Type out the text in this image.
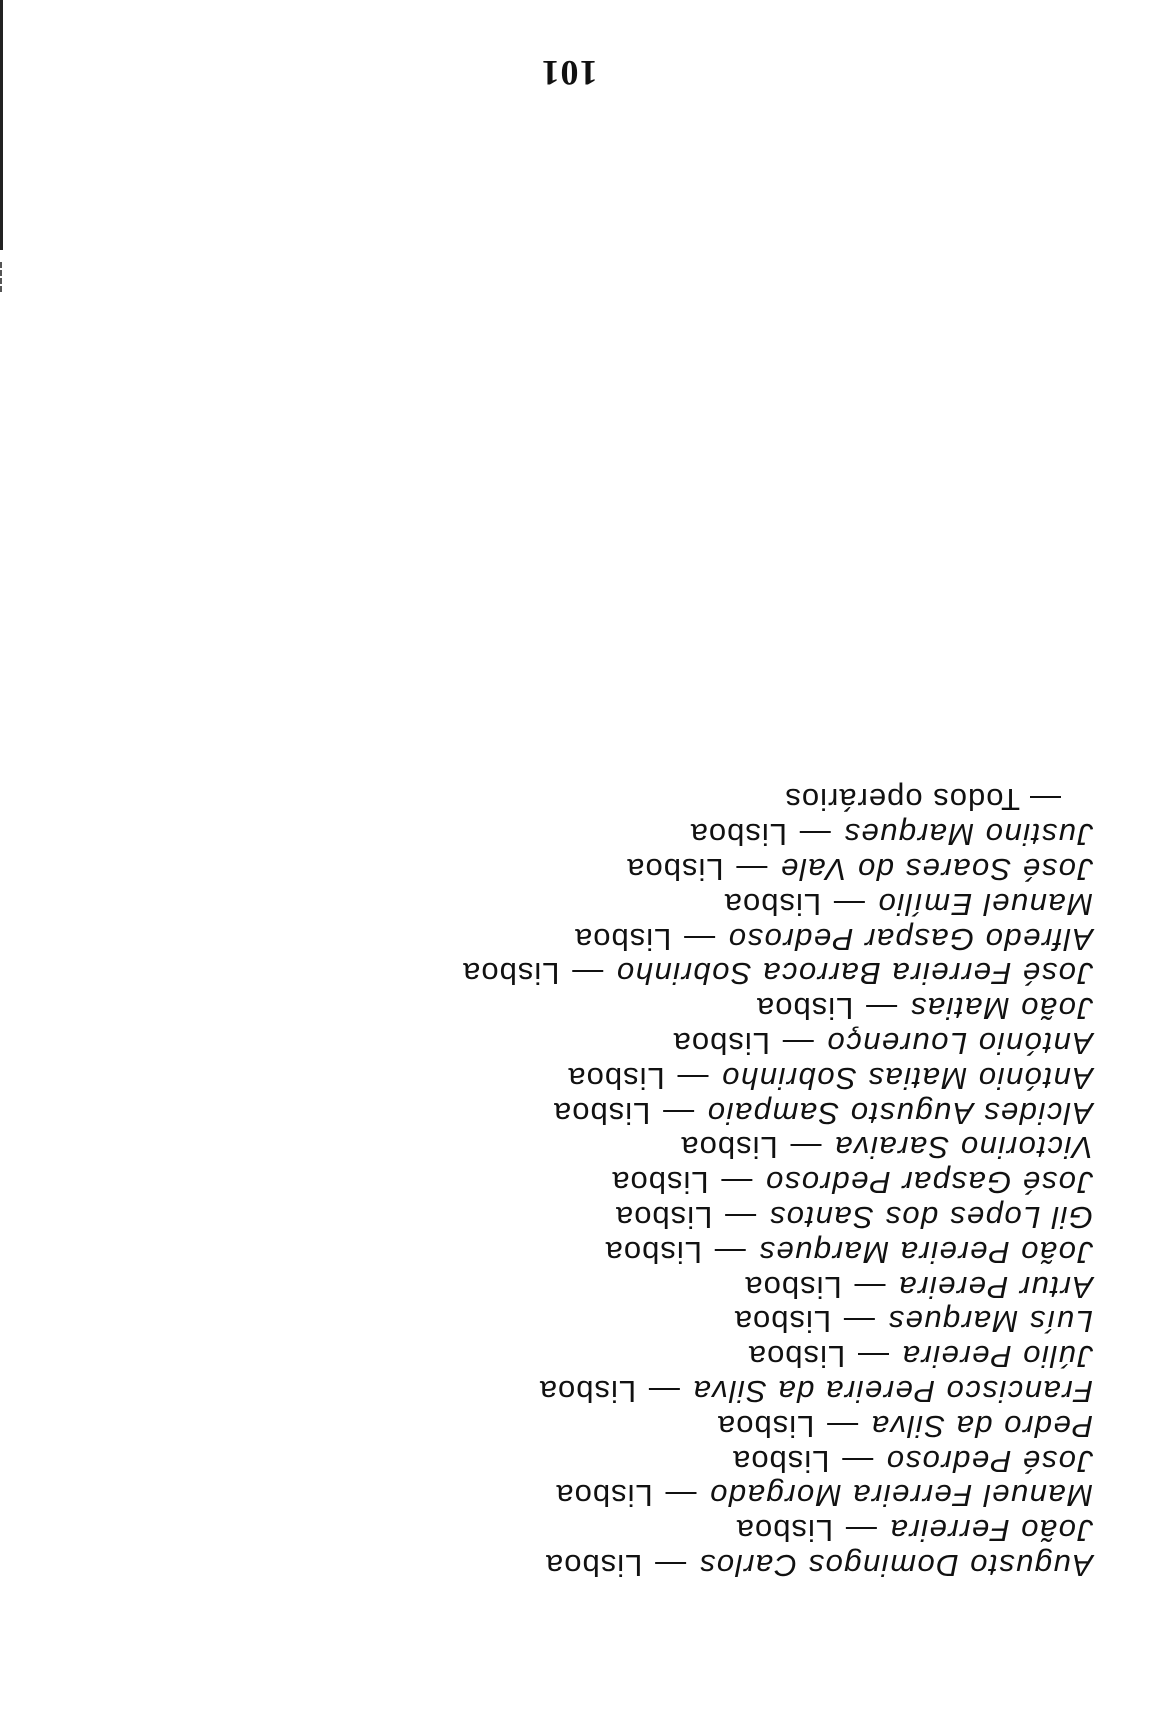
Augusto Domingos Carlos — Lisboa
João Ferreira — Lisboa
Manuel Ferreira Morgado — Lisboa
José Pedroso — Lisboa
Pedro da Silva — Lisboa
Francisco Pereira da Silva — Lisboa
Júlio Pereira — Lisboa
Luís Marques — Lisboa
Artur Pereira — Lisboa
João Pereira Marques — Lisboa
Gil Lopes dos Santos — Lisboa
José Gaspar Pedroso — Lisboa
Victorino Saraiva — Lisboa
Alcides Augusto Sampaio — Lisboa
António Matias Sobrinho — Lisboa
António Lourenço — Lisboa
João Matias — Lisboa
José Ferreira Barroca Sobrinho — Lisboa
Alfredo Gaspar Pedroso — Lisboa
Manuel Emílio — Lisboa
José Soares do Vale — Lisboa
Justino Marques — Lisboa
— Todos operários
101
